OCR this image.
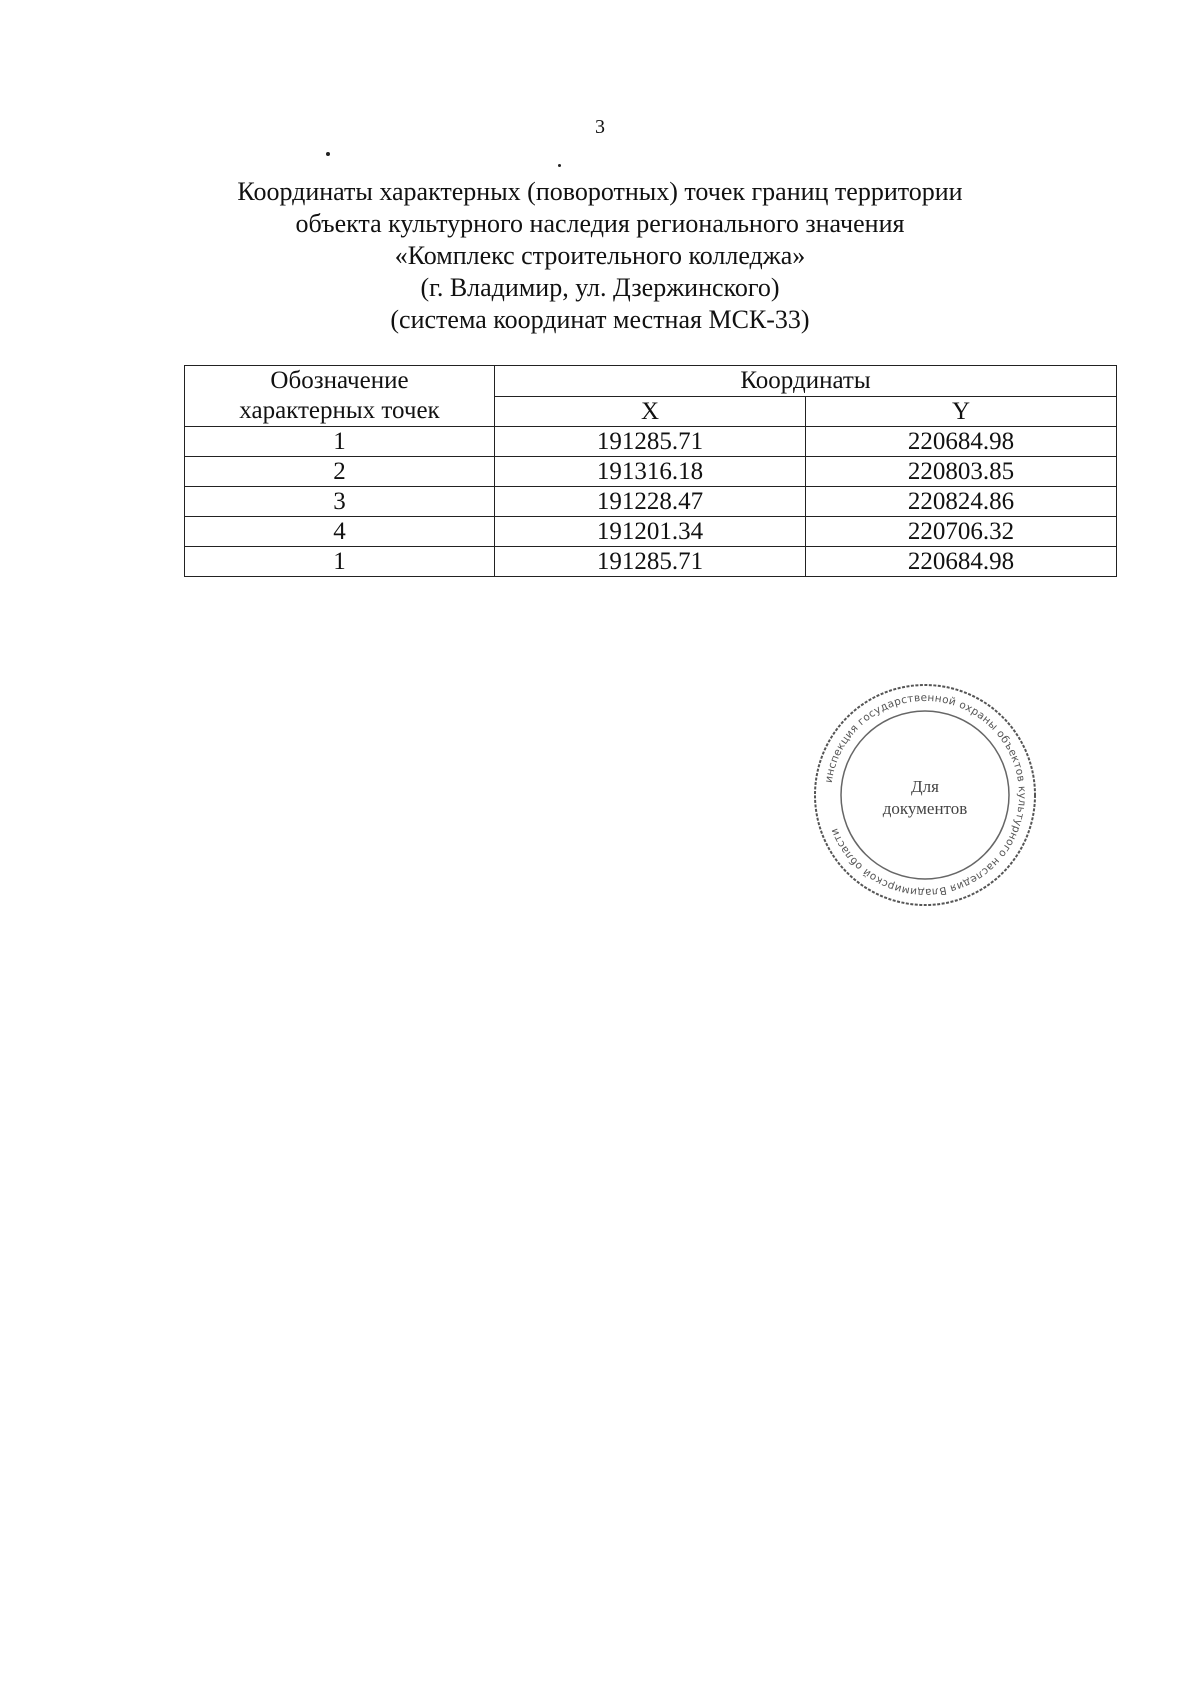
3
Координаты характерных (поворотных) точек границ территории
объекта культурного наследия регионального значения
«Комплекс строительного колледжа»
(г. Владимир, ул. Дзержинского)
(система координат местная МСК-33)
Обозначение
характерных точек	Координаты	
	X	Y
1	191285.71	220684.98
2	191316.18	220803.85
3	191228.47	220824.86
4	191201.34	220706.32
1	191285.71	220684.98
инспекция государственной охраны объектов культурного наследия Владимирской области
Для
документов
